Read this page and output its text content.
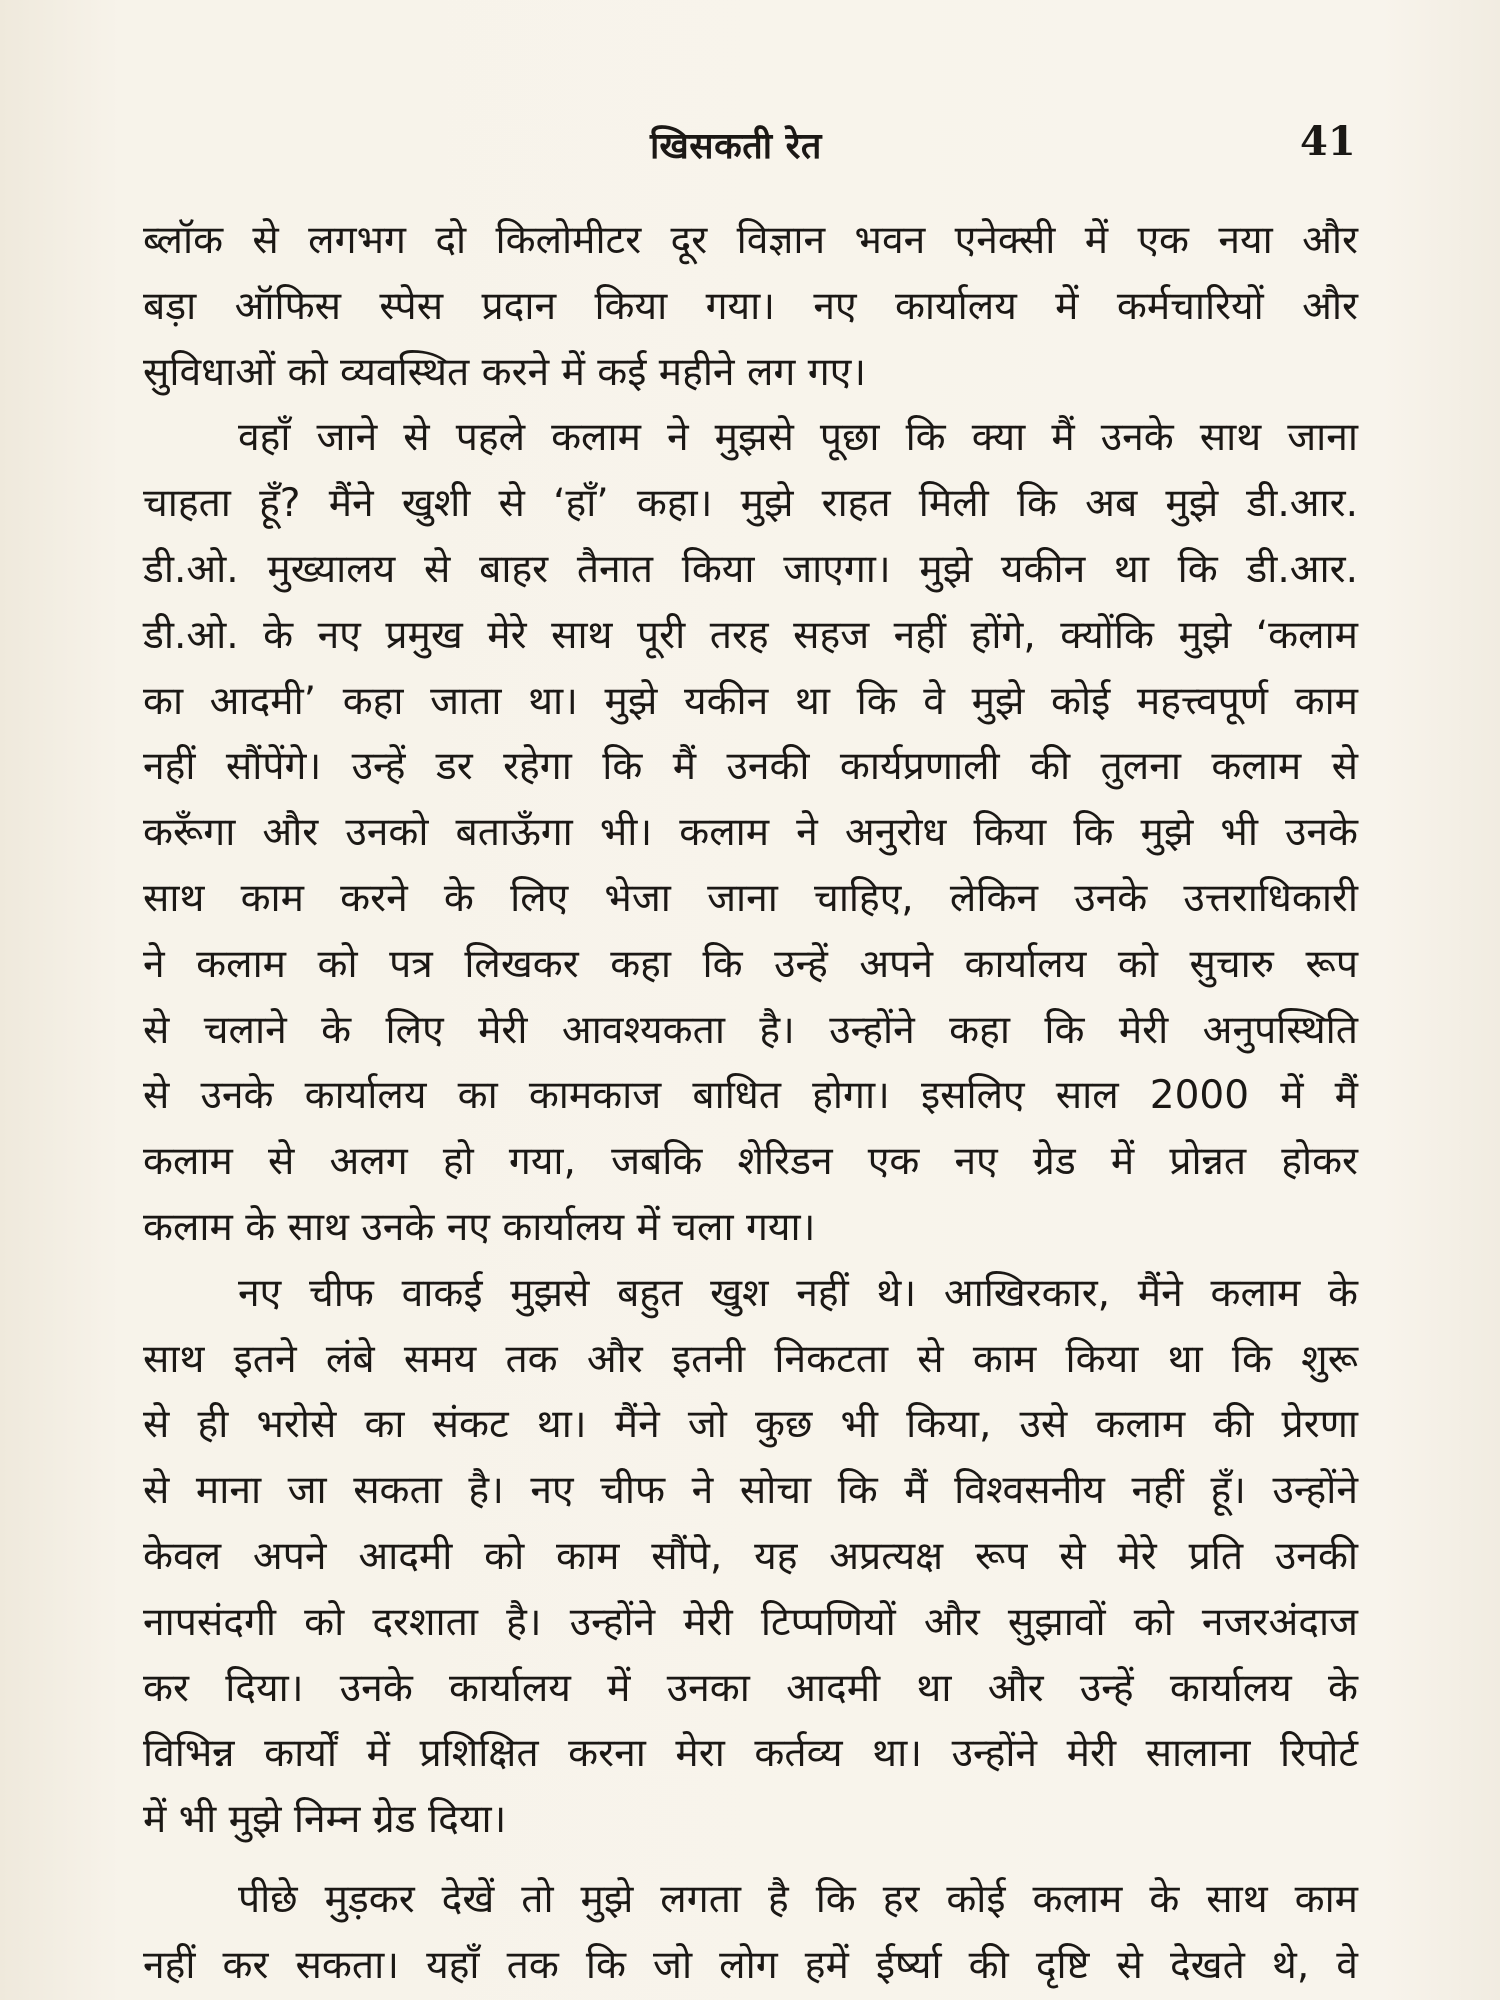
खिसकती रेत	41
ब्लॉक से लगभग दो किलोमीटर दूर विज्ञान भवन एनेक्सी में एक नया और
बड़ा ऑफिस स्पेस प्रदान किया गया। नए कार्यालय में कर्मचारियों और
सुविधाओं को व्यवस्थित करने में कई महीने लग गए।
वहाँ जाने से पहले कलाम ने मुझसे पूछा कि क्या मैं उनके साथ जाना
चाहता हूँ? मैंने खुशी से ‘हाँ’ कहा। मुझे राहत मिली कि अब मुझे डी.आर.
डी.ओ. मुख्यालय से बाहर तैनात किया जाएगा। मुझे यकीन था कि डी.आर.
डी.ओ. के नए प्रमुख मेरे साथ पूरी तरह सहज नहीं होंगे, क्योंकि मुझे ‘कलाम
का आदमी’ कहा जाता था। मुझे यकीन था कि वे मुझे कोई महत्त्वपूर्ण काम
नहीं सौंपेंगे। उन्हें डर रहेगा कि मैं उनकी कार्यप्रणाली की तुलना कलाम से
करूँगा और उनको बताऊँगा भी। कलाम ने अनुरोध किया कि मुझे भी उनके
साथ काम करने के लिए भेजा जाना चाहिए, लेकिन उनके उत्तराधिकारी
ने कलाम को पत्र लिखकर कहा कि उन्हें अपने कार्यालय को सुचारु रूप
से चलाने के लिए मेरी आवश्यकता है। उन्होंने कहा कि मेरी अनुपस्थिति
से उनके कार्यालय का कामकाज बाधित होगा। इसलिए साल 2000 में मैं
कलाम से अलग हो गया, जबकि शेरिडन एक नए ग्रेड में प्रोन्नत होकर
कलाम के साथ उनके नए कार्यालय में चला गया।
नए चीफ वाकई मुझसे बहुत खुश नहीं थे। आखिरकार, मैंने कलाम के
साथ इतने लंबे समय तक और इतनी निकटता से काम किया था कि शुरू
से ही भरोसे का संकट था। मैंने जो कुछ भी किया, उसे कलाम की प्रेरणा
से माना जा सकता है। नए चीफ ने सोचा कि मैं विश्वसनीय नहीं हूँ। उन्होंने
केवल अपने आदमी को काम सौंपे, यह अप्रत्यक्ष रूप से मेरे प्रति उनकी
नापसंदगी को दरशाता है। उन्होंने मेरी टिप्पणियों और सुझावों को नजरअंदाज
कर दिया। उनके कार्यालय में उनका आदमी था और उन्हें कार्यालय के
विभिन्न कार्यों में प्रशिक्षित करना मेरा कर्तव्य था। उन्होंने मेरी सालाना रिपोर्ट
में भी मुझे निम्न ग्रेड दिया।
पीछे मुड़कर देखें तो मुझे लगता है कि हर कोई कलाम के साथ काम
नहीं कर सकता। यहाँ तक कि जो लोग हमें ईर्ष्या की दृष्टि से देखते थे, वे
